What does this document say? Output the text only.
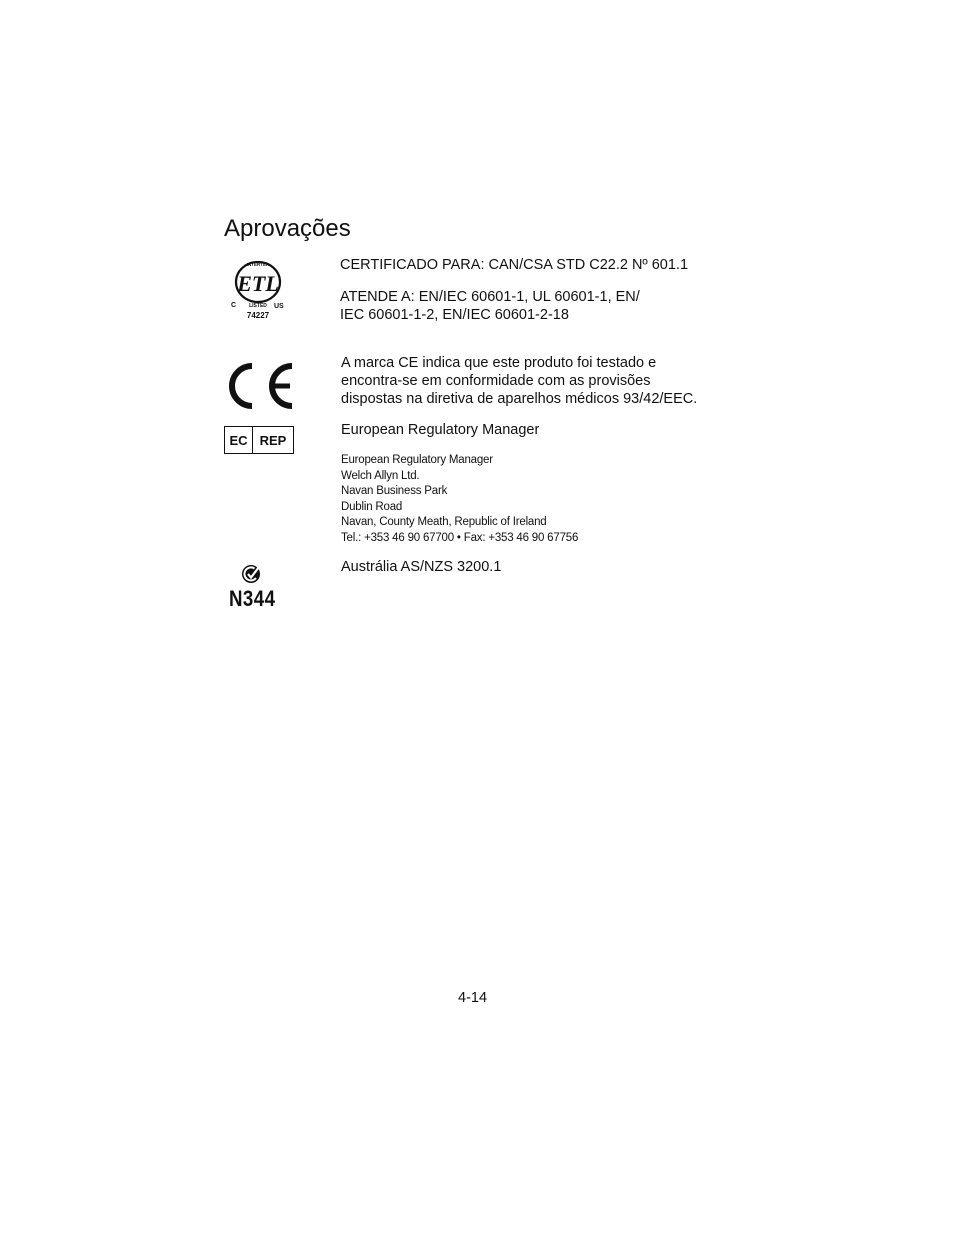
Aprovações
INTERTEK
ETL
C	LISTED US
74227
CERTIFICADO PARA: CAN/CSA STD C22.2 Nº 601.1
ATENDE A: EN/IEC 60601-1, UL 60601-1, EN/
IEC 60601-1-2, EN/IEC 60601-2-18
A marca CE indica que este produto foi testado e
encontra-se em conformidade com as provisões
dispostas na diretiva de aparelhos médicos 93/42/EEC.
EC REP
European Regulatory Manager
European Regulatory Manager
Welch Allyn Ltd.
Navan Business Park
Dublin Road
Navan, County Meath, Republic of Ireland
Tel.: +353 46 90 67700 • Fax: +353 46 90 67756
N344
Austrália AS/NZS 3200.1
4-14
